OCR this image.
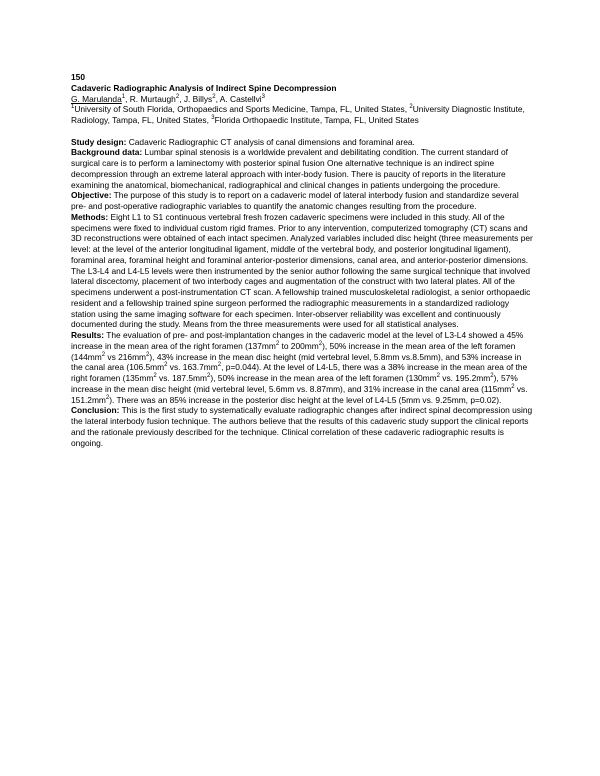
150
Cadaveric Radiographic Analysis of Indirect Spine Decompression
G. Marulanda$^1$, R. Murtaugh$^2$, J. Billys$^2$, A. Castellvi$^3$
$^1$University of South Florida, Orthopaedics and Sports Medicine, Tampa, FL, United States, $^2$University Diagnostic Institute, Radiology, Tampa, FL, United States, $^3$Florida Orthopaedic Institute, Tampa, FL, United States

Study design: Cadaveric Radiographic CT analysis of canal dimensions and foraminal area.

Background data: Lumbar spinal stenosis is a worldwide prevalent and debilitating condition. The current standard of surgical care is to perform a laminectomy with posterior spinal fusion One alternative technique is an indirect spine decompression through an extreme lateral approach with inter-body fusion. There is paucity of reports in the literature examining the anatomical, biomechanical, radiographical and clinical changes in patients undergoing the procedure.

Objective: The purpose of this study is to report on a cadaveric model of lateral interbody fusion and standardize several pre- and post-operative radiographic variables to quantify the anatomic changes resulting from the procedure.

Methods: Eight L1 to S1 continuous vertebral fresh frozen cadaveric specimens were included in this study. All of the specimens were fixed to individual custom rigid frames. Prior to any intervention, computerized tomography (CT) scans and 3D reconstructions were obtained of each intact specimen. Analyzed variables included disc height (three measurements per level: at the level of the anterior longitudinal ligament, middle of the vertebral body, and posterior longitudinal ligament), foraminal area, foraminal height and foraminal anterior-posterior dimensions, canal area, and anterior-posterior dimensions. The L3-L4 and L4-L5 levels were then instrumented by the senior author following the same surgical technique that involved lateral discectomy, placement of two interbody cages and augmentation of the construct with two lateral plates. All of the specimens underwent a post-instrumentation CT scan. A fellowship trained musculoskeletal radiologist, a senior orthopaedic resident and a fellowship trained spine surgeon performed the radiographic measurements in a standardized radiology station using the same imaging software for each specimen. Inter-observer reliability was excellent and continuously documented during the study. Means from the three measurements were used for all statistical analyses.

Results: The evaluation of pre- and post-implantation changes in the cadaveric model at the level of L3-L4 showed a 45% increase in the mean area of the right foramen ($137mm^2$ to $200mm^2$), 50% increase in the mean area of the left foramen ($144mm^2$ vs $216mm^2$), 43% increase in the mean disc height (mid vertebral level, 5.8mm vs.8.5mm), and 53% increase in the canal area ($106.5mm^2$ vs. $163.7mm^2$, p=0.044). At the level of L4-L5, there was a 38% increase in the mean area of the right foramen ($135mm^2$ vs. $187.5mm^2$), 50% increase in the mean area of the left foramen ($130mm^2$ vs. $195.2mm^2$), 57% increase in the mean disc height (mid vertebral level, 5.6mm vs. 8.87mm), and 31% increase in the canal area ($115mm^2$ vs. $151.2mm^2$). There was an 85% increase in the posterior disc height at the level of L4-L5 (5mm vs. 9.25mm, p=0.02).

Conclusion: This is the first study to systematically evaluate radiographic changes after indirect spinal decompression using the lateral interbody fusion technique. The authors believe that the results of this cadaveric study support the clinical reports and the rationale previously described for the technique. Clinical correlation of these cadaveric radiographic results is ongoing.
